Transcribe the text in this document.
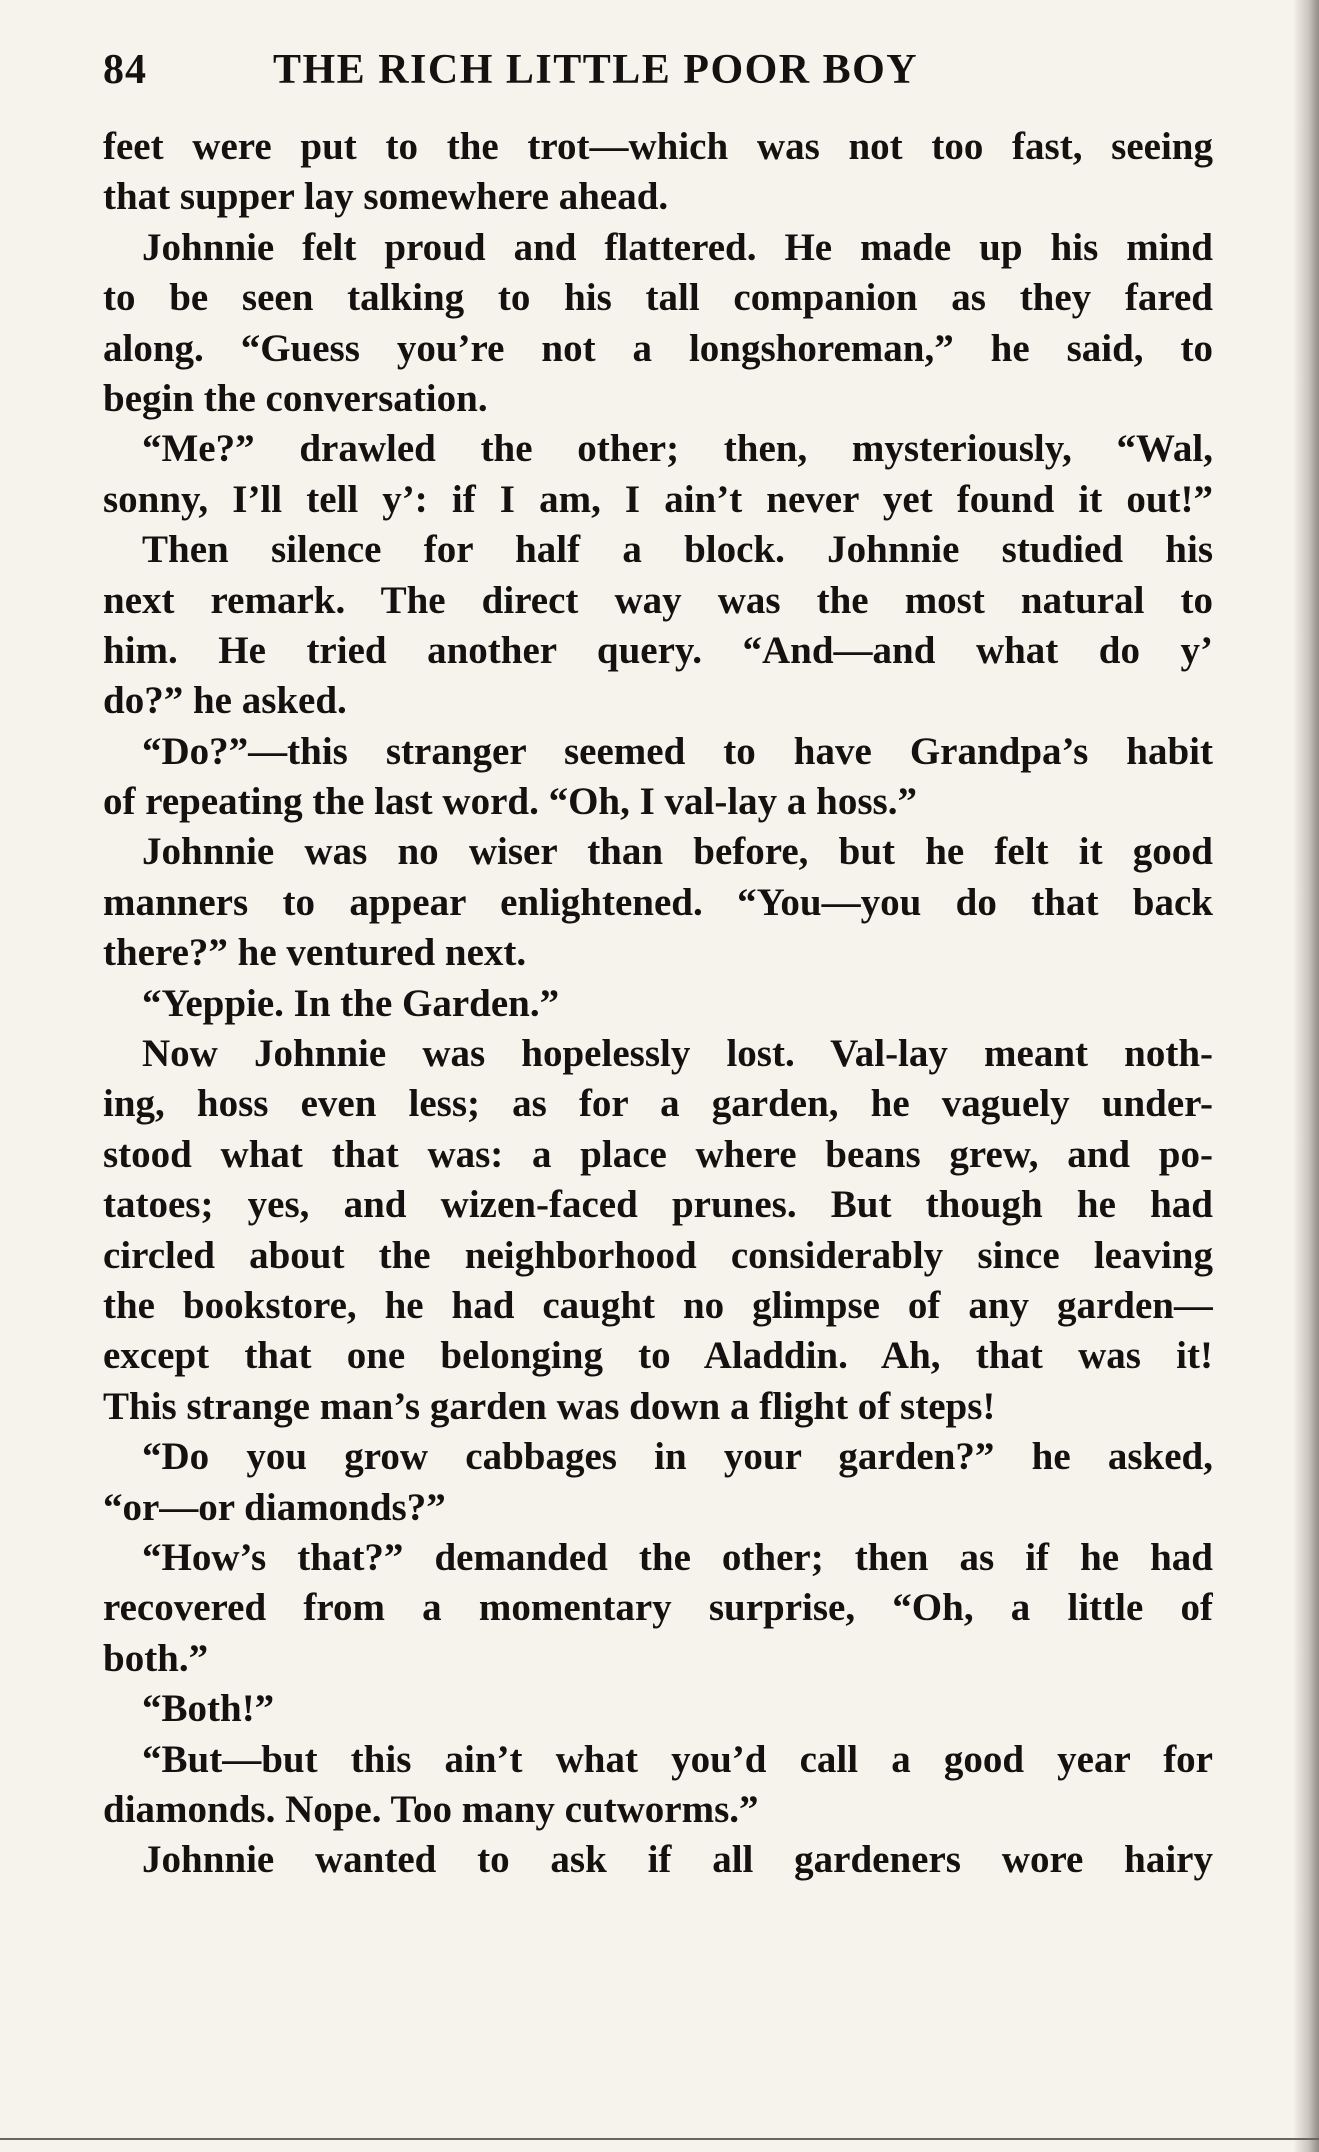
84	THE RICH LITTLE POOR BOY
feet were put to the trot—which was not too fast, seeing
that supper lay somewhere ahead.
 Johnnie felt proud and flattered. He made up his mind
to be seen talking to his tall companion as they fared
along. “Guess you’re not a longshoreman,” he said, to
begin the conversation.
 “Me?” drawled the other; then, mysteriously, “Wal,
sonny, I’ll tell y’: if I am, I ain’t never yet found it out!”
 Then silence for half a block. Johnnie studied his
next remark. The direct way was the most natural to
him. He tried another query. “And—and what do y’
do?” he asked.
 “Do?”—this stranger seemed to have Grandpa’s habit
of repeating the last word. “Oh, I val-lay a hoss.”
 Johnnie was no wiser than before, but he felt it good
manners to appear enlightened. “You—you do that back
there?” he ventured next.
 “Yeppie. In the Garden.”
 Now Johnnie was hopelessly lost. Val-lay meant noth-
ing, hoss even less; as for a garden, he vaguely under-
stood what that was: a place where beans grew, and po-
tatoes; yes, and wizen-faced prunes. But though he had
circled about the neighborhood considerably since leaving
the bookstore, he had caught no glimpse of any garden—
except that one belonging to Aladdin. Ah, that was it!
This strange man’s garden was down a flight of steps!
 “Do you grow cabbages in your garden?” he asked,
“or—or diamonds?”
 “How’s that?” demanded the other; then as if he had
recovered from a momentary surprise, “Oh, a little of
both.”
 “Both!”
 “But—but this ain’t what you’d call a good year for
diamonds. Nope. Too many cutworms.”
 Johnnie wanted to ask if all gardeners wore hairy
